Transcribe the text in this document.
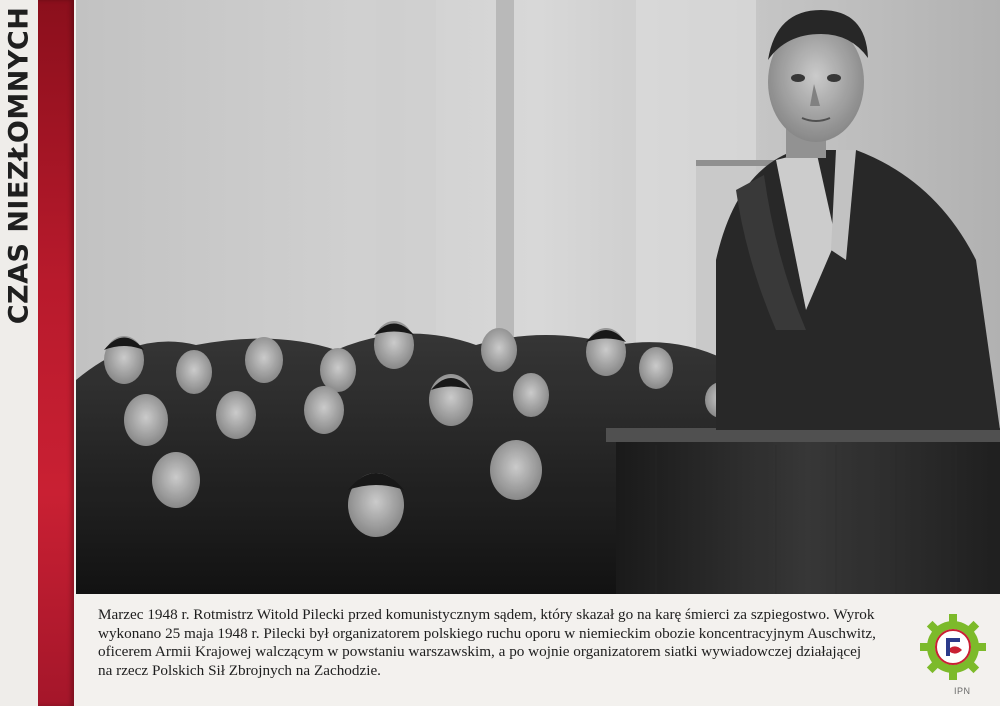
CZAS NIEZŁOMNYCH

Marzec 1948 r. Rotmistrz Witold Pilecki przed komunistycznym sądem, który skazał go na karę śmierci za szpiegostwo. Wyrok

wykonano 25 maja 1948 r. Pilecki był organizatorem polskiego ruchu oporu w niemieckim obozie koncentracyjnym Auschwitz,

oficerem Armii Krajowej walczącym w powstaniu warszawskim, a po wojnie organizatorem siatki wywiadowczej działającej

na rzecz Polskich Sił Zbrojnych na Zachodzie.

IPN
